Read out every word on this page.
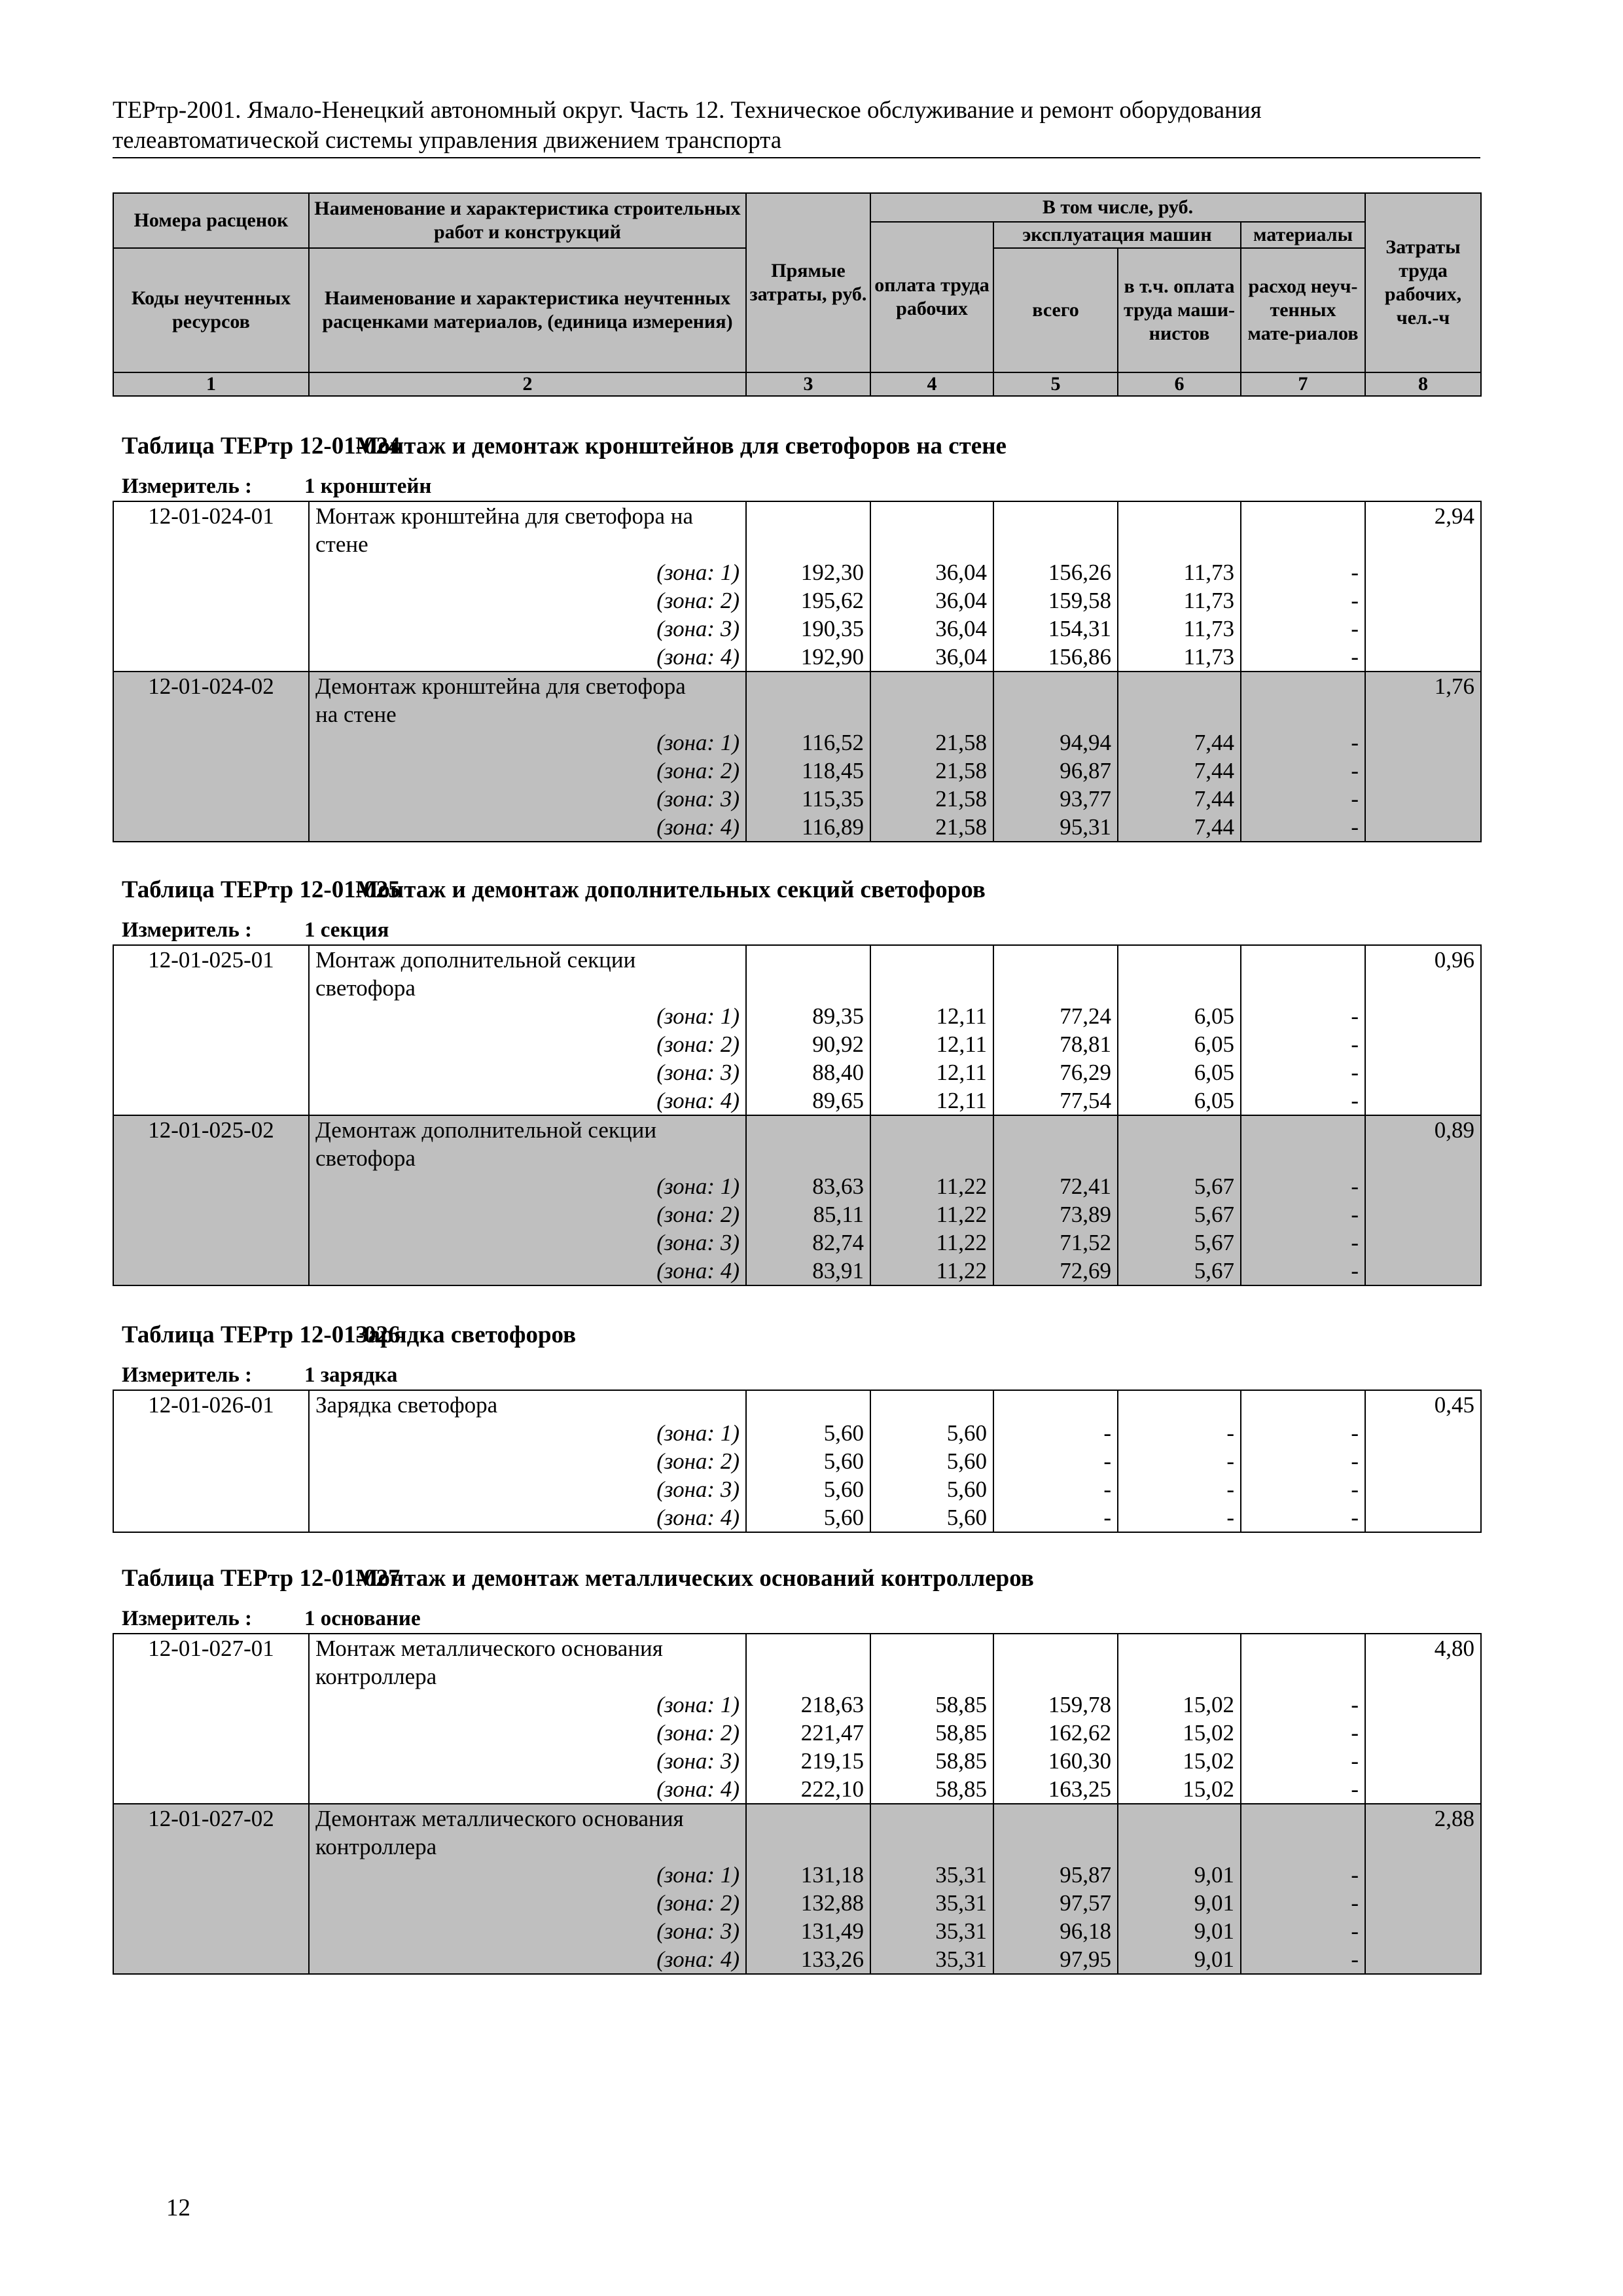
ТЕРтр-2001. Ямало-Ненецкий автономный округ. Часть 12. Техническое обслуживание и ремонт оборудования
телеавтоматической системы управления движением транспорта
Номера расценок	Наименование и характеристика строительных работ и конструкций	Прямые затраты, руб.	В том числе, руб.				Затраты труда рабочих, чел.-ч
			оплата труда рабочих	эксплуатация машин		материалы	
Коды неучтенных ресурсов	Наименование и характеристика неучтенных расценками материалов, (единица измерения)			всего	в т.ч. оплата труда маши-нистов	расход неуч-тенных мате-риалов	

1	2	3	4	5	6	7	8
Таблица ТЕРтр 12-01-024Монтаж и демонтаж кронштейнов для светофоров на стене
Измеритель : 1 кронштейн
12-01-024-01	Монтаж кронштейна для светофора на						2,94
	стене						
	(зона: 1)	192,30	36,04	156,26	11,73	-	
	(зона: 2)	195,62	36,04	159,58	11,73	-	
	(зона: 3)	190,35	36,04	154,31	11,73	-	
	(зона: 4)	192,90	36,04	156,86	11,73	-	
12-01-024-02	Демонтаж кронштейна для светофора						1,76
	на стене						
	(зона: 1)	116,52	21,58	94,94	7,44	-	
	(зона: 2)	118,45	21,58	96,87	7,44	-	
	(зона: 3)	115,35	21,58	93,77	7,44	-	
	(зона: 4)	116,89	21,58	95,31	7,44	-	
Таблица ТЕРтр 12-01-025Монтаж и демонтаж дополнительных секций светофоров
Измеритель : 1 секция
12-01-025-01	Монтаж дополнительной секции						0,96
	светофора						
	(зона: 1)	89,35	12,11	77,24	6,05	-	
	(зона: 2)	90,92	12,11	78,81	6,05	-	
	(зона: 3)	88,40	12,11	76,29	6,05	-	
	(зона: 4)	89,65	12,11	77,54	6,05	-	
12-01-025-02	Демонтаж дополнительной секции						0,89
	светофора						
	(зона: 1)	83,63	11,22	72,41	5,67	-	
	(зона: 2)	85,11	11,22	73,89	5,67	-	
	(зона: 3)	82,74	11,22	71,52	5,67	-	
	(зона: 4)	83,91	11,22	72,69	5,67	-	
Таблица ТЕРтр 12-01-026Зарядка светофоров
Измеритель : 1 зарядка
12-01-026-01	Зарядка светофора						0,45
	(зона: 1)	5,60	5,60	-	-	-	
	(зона: 2)	5,60	5,60	-	-	-	
	(зона: 3)	5,60	5,60	-	-	-	
	(зона: 4)	5,60	5,60	-	-	-	
Таблица ТЕРтр 12-01-027Монтаж и демонтаж металлических оснований контроллеров
Измеритель : 1 основание
12-01-027-01	Монтаж металлического основания						4,80
	контроллера						
	(зона: 1)	218,63	58,85	159,78	15,02	-	
	(зона: 2)	221,47	58,85	162,62	15,02	-	
	(зона: 3)	219,15	58,85	160,30	15,02	-	
	(зона: 4)	222,10	58,85	163,25	15,02	-	
12-01-027-02	Демонтаж металлического основания						2,88
	контроллера						
	(зона: 1)	131,18	35,31	95,87	9,01	-	
	(зона: 2)	132,88	35,31	97,57	9,01	-	
	(зона: 3)	131,49	35,31	96,18	9,01	-	
	(зона: 4)	133,26	35,31	97,95	9,01	-	
12
